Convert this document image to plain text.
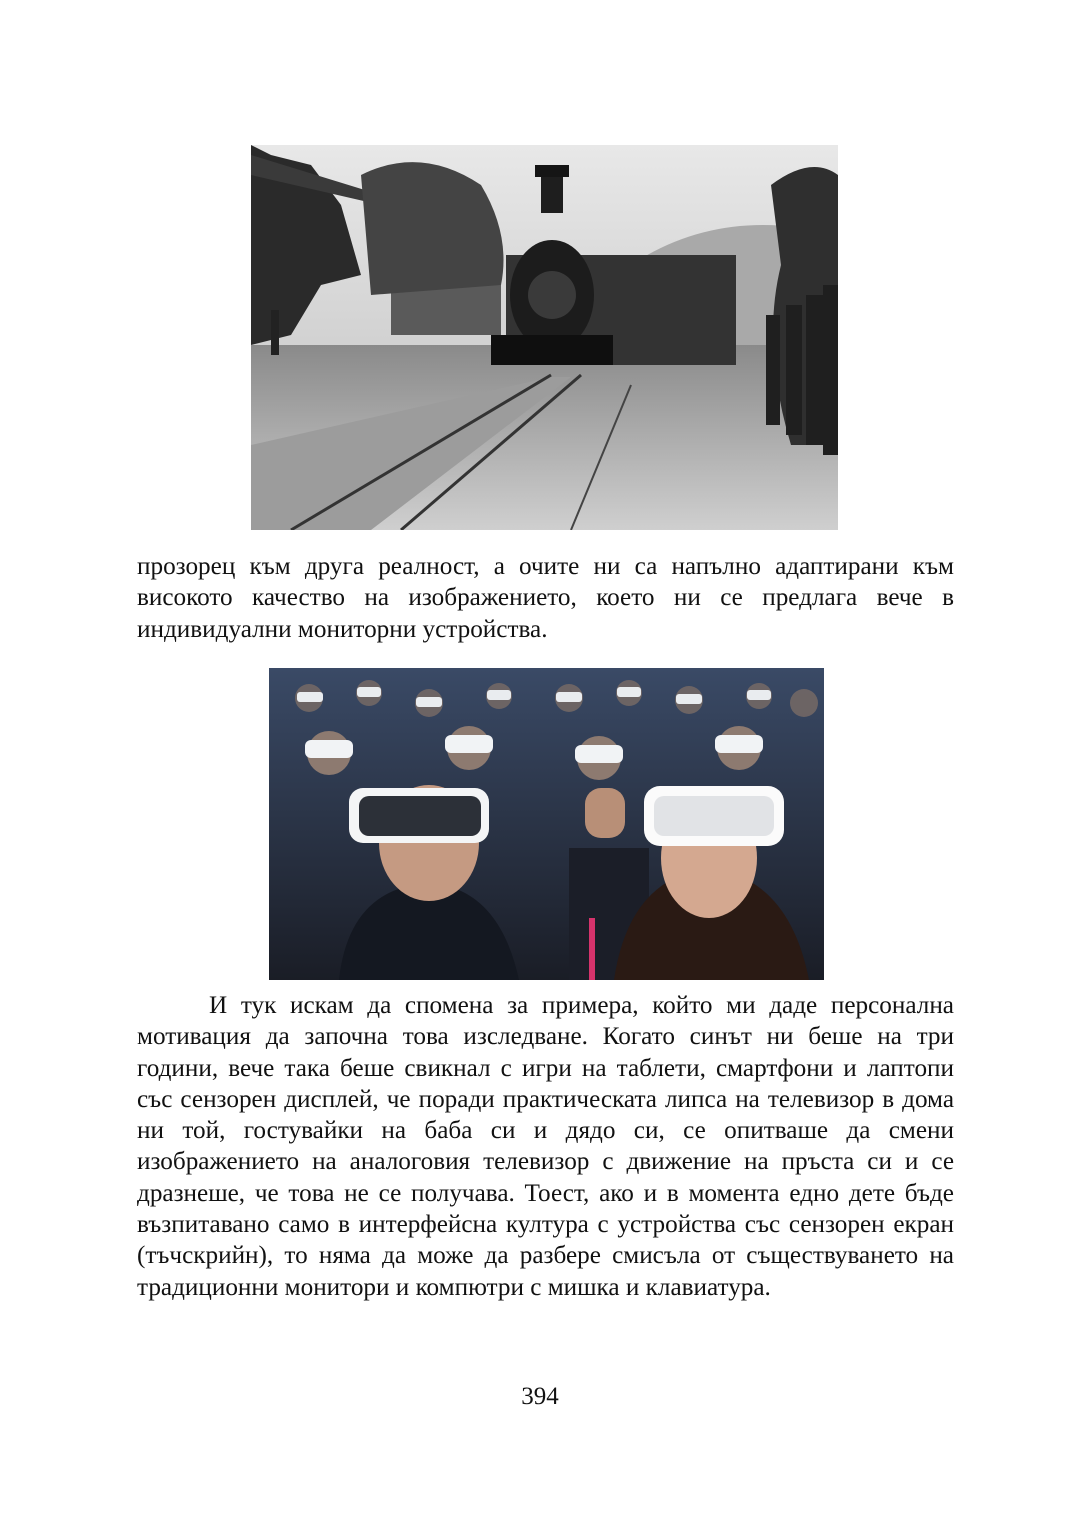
прозорец към друга реалност, а очите ни са напълно адаптирани към високото качество на изображението, което ни се предлага вече в индивидуални мониторни устройства.

И тук искам да спомена за примера, който ми даде персонална мотивация да започна това изследване. Когато синът ни беше на три години, вече така беше свикнал с игри на таблети, смартфони и лаптопи със сензорен дисплей, че поради практическата липса на телевизор в дома ни той, гостувайки на баба си и дядо си, се опитваше да смени изображението на аналоговия телевизор с движение на пръста си и се дразнеше, че това не се получава. Тоест, ако и в момента едно дете бъде възпитавано само в интерфейсна култура с устройства със сензорен екран (тъчскрийн), то няма да може да разбере смисъла от съществуването на традиционни монитори и компютри с мишка и клавиатура.

394
